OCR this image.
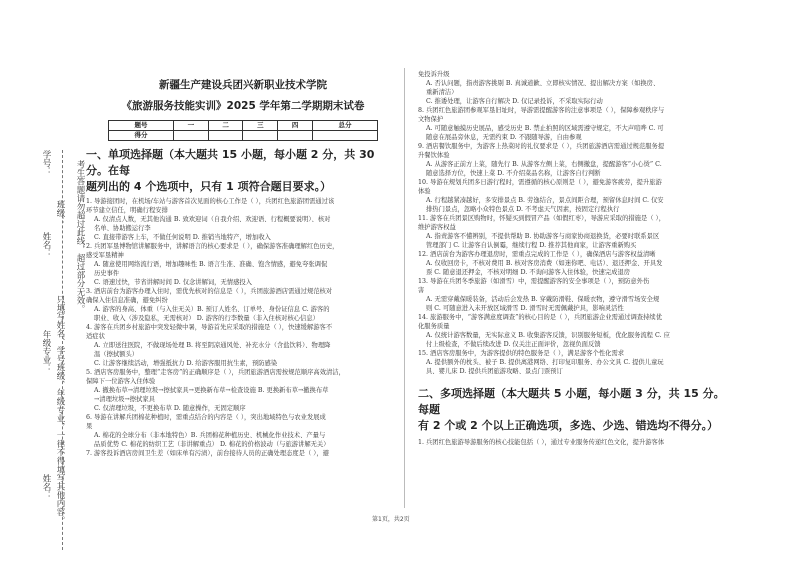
学号：	考生答题请勿超过此线，超过部分无效。
姓名：
班级：
年级专业： 只填写姓名、学号班级、年级专业，一律不得填写其他内容。
姓名：
新疆生产建设兵团兴新职业技术学院
《旅游服务技能实训》2025 学年第二学期期末试卷
题号	一	二	三	四	总分
得分					
一、单项选择题（本大题共 15 小题，每小题 2 分，共 30 分。在每
题列出的 4 个选项中，只有 1 项符合题目要求。）
1. 导游接团时，在机场/车站与游客首次见面的核心工作是（ ），兵团红色旅游团需通过该
环节建立信任，明确行程安排
A. 仅清点人数，无其他沟通 B. 致欢迎词（自我介绍、欢迎语、行程概要说明）、核对
名单、协助搬运行李
C. 直接带游客上车，不做任何说明 D. 推销当地特产，增加收入
2. 兵团军垦博物馆讲解服务中，讲解语言的核心要求是（ ），确保游客准确理解红色历史，
感受军垦精神
A. 随意使用网络流行语，增加趣味性 B. 语言生准、准确、饱含情感，避免夸张调侃
历史事件
C. 语速过快，节省讲解时间 D. 仅念讲解词，无情感投入
3. 酒店前台为游客办理入住时，需优先核对的信息是（ ），兵团旅游酒店需通过规范核对
确保入住信息准确，避免纠纷
A. 游客的身高、体重（与入住无关）B. 预订人姓名、订单号、身份证信息 C. 游客的
职业、收入（涉及隐私，无需核对） D. 游客的行李数量（非入住核对核心信息）
4. 游客在兵团乡村旅游中突发轻微中暑，导游首先应采取的措施是（ ），快速缓解游客不
适症状
A. 立即送往医院，不做现场处理 B. 将至阴凉通风处、补充水分（含盐饮料）、物理降
温（擦拭额头）
C. 让游客继续活动，增强抵抗力 D. 给游客服用抗生素，预防感染
5. 酒店客房服务中，整理“走客房”的正确顺序是（ ），兵团旅游酒店需按规范顺序高效清洁，
保障下一位游客入住体验
A. 撤换布草→清理垃圾→擦拭家具→更换新布草→检查设施 B. 更换新布草→撤换布草
→清理垃圾→擦拭家具
C. 仅清理垃圾，不更换布草 D. 随意操作，无固定顺序
6. 导游在讲解兵团棉花种植时，需重点结合的内容是（ ），突出地域特色与农业发展成
果
A. 棉花的全球分布（非本地特色）B. 兵团棉花种植历史、机械化作业技术、产量与
品质优势 C. 棉花的纺织工艺（非讲解重点） D. 棉花的价格波动（与旅游讲解无关）
7. 游客投诉酒店房间卫生差（如床单有污渍），前台接待人员的正确处理态度是（ ），避
免投诉升级
A. 否认问题，指责游客挑剔 B. 真诚道歉、立即核实情况、提出解决方案（如换房、
重新清洁）
C. 推诿处理，让游客自行解决 D. 仅记录投诉，不采取实际行动
8. 兵团红色旅游团参观军垦旧址时，导游需提醒游客的注意事项是（ ），保障参观秩序与
文物保护
A. 可随意触摸历史展品，感受历史 B. 禁止拍照的区域需遵守规定，不大声喧哗 C. 可
随意在展品旁休息，无需约束 D. 不跟随导游，自由参观
9. 酒店餐饮服务中，为游客上热菜时的礼仪要求是（ ），兵团旅游酒店需通过规范服务提
升餐饮体验
A. 从游客正前方上菜，随先行 B. 从游客左侧上菜，右侧撤盘，提醒游客“小心烫” C.
随意选择方位，快速上菜 D. 不介绍菜品名称，让游客自行判断
10. 导游在规划兵团多日游行程时，需遵循的核心原则是（ ），避免游客疲劳，提升旅游
体验
A. 行程越紧凑越好，多安排景点 B. 劳逸结合，景点间距合理，预留休息时间 C. 仅安
排热门景点，忽略小众特色景点 D. 不考虑天气因素，按固定行程执行
11. 游客在兵团景区购物时，怀疑买到假冒产品（如假红枣），导游应采取的措施是（ ），
维护游客权益
A. 指责游客不懂辨别，不提供帮助 B. 协助游客与商家协商退换货，必要时联系景区
管理部门 C. 让游客自认倒霉，继续行程 D. 推荐其他商家，让游客重新购买
12. 酒店前台为游客办理退房时，需重点完成的工作是（ ），确保酒店与游客权益清晰
A. 仅收回房卡，不核对费用 B. 核对客房消费（如迷你吧、电话）、退还押金、开具发
票 C. 随意退还押金，不核对明细 D. 不询问游客入住体验，快速完成退房
13. 导游在兵团冬季旅游（如滑雪）中，需提醒游客的安全事项是（ ），预防意外伤
害
A. 无需穿戴保暖装备，活动后会发热 B. 穿戴防滑鞋、保暖衣物，遵守滑雪场安全规
则 C. 可随意进入未开放区域滑雪 D. 滑雪时无需佩戴护具，影响灵活性
14. 旅游服务中，“游客满意度调查”的核心目的是（ ），兵团旅游企业需通过调查持续优
化服务质量
A. 仅统计游客数量，无实际意义 B. 收集游客反馈，识别服务短板，优化服务流程 C. 应
付上级检查，不做后续改进 D. 仅关注正面评价，忽视负面反馈
15. 酒店客房服务中，为游客提供的特色服务是（ ），满足游客个性化需求
A. 提供额外的枕头、被子 B. 提供离港网络、打印复印服务、办公文具 C. 提供儿童玩
具、婴儿床 D. 提供兵团旅游攻略、景点门票预订
二、多项选择题（本大题共 5 小题，每小题 3 分，共 15 分。每题
有 2 个或 2 个以上正确选项，多选、少选、错选均不得分。）
1. 兵团红色旅游导游服务的核心技能包括（ ），通过专业服务传递红色文化，提升游客体
第1页，共2页
